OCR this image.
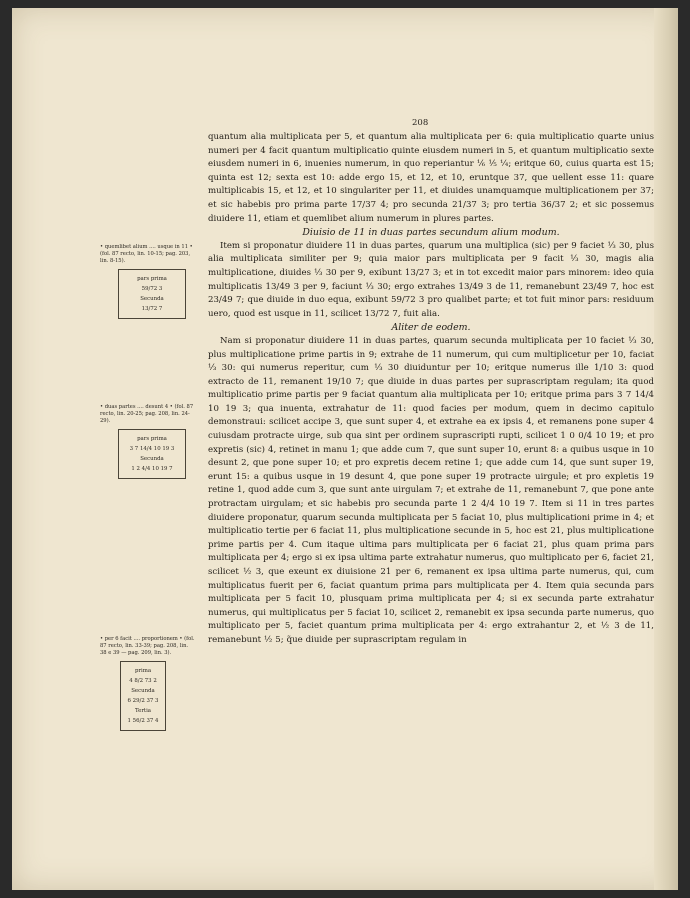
208

quantum alia multiplicata per 5, et quantum alia multiplicata per 6: quia multiplicatio quarte unius numeri per 4 facit quantum multiplicatio quinte eiusdem numeri in 5, et quantum multiplicatio sexte eiusdem numeri in 6, inuenies numerum, in quo reperiantur ⅙ ⅕ ¼; eritque 60, cuius quarta est 15; quinta est 12; sexta est 10: adde ergo 15, et 12, et 10, eruntque 37, que uellent esse 11: quare multiplicabis 15, et 12, et 10 singulariter per 11, et diuides unamquamque multiplicationem per 37; et sic habebis pro prima parte 17/37 4; pro secunda 21/37 3; pro tertia 36/37 2; et sic possemus diuidere 11, etiam et quemlibet alium numerum in plures partes.

Diuisio de 11 in duas partes secundum alium modum.

Item si proponatur diuidere 11 in duas partes, quarum una multiplica (sic) per 9 faciet ⅓ 30, plus alia multiplicata similiter per 9; quia maior pars multiplicata per 9 facit ⅓ 30, magis alia multiplicatione, diuides ⅓ 30 per 9, exibunt 13/27 3; et in tot excedit maior pars minorem: ideo quia multiplicatis 13/49 3 per 9, faciunt ⅓ 30; ergo extrahes 13/49 3 de 11, remanebunt 23/49 7, hoc est 23/49 7; que diuide in duo equa, exibunt 59/72 3 pro qualibet parte; et tot fuit minor pars: residuum uero, quod est usque in 11, scilicet 13/72 7, fuit alia.

Aliter de eodem.

Nam si proponatur diuidere 11 in duas partes, quarum secunda multiplicata per 10 faciet ⅓ 30, plus multiplicatione prime partis in 9; extrahe de 11 numerum, qui cum multiplicetur per 10, faciat ⅓ 30: qui numerus reperitur, cum ⅓ 30 diuiduntur per 10; eritque numerus ille 1/10 3: quod extracto de 11, remanent 19/10 7; que diuide in duas partes per suprascriptam regulam; ita quod multiplicatio prime partis per 9 faciat quantum alia multiplicata per 10; eritque prima pars 3 7 14/4 10 19 3; qua inuenta, extrahatur de 11: quod facies per modum, quem in decimo capitulo demonstraui: scilicet accipe 3, que sunt super 4, et extrahe ea ex ipsis 4, et remanens pone super 4 cuiusdam protracte uirge, sub qua sint per ordinem suprascripti rupti, scilicet 1 0 0/4 10 19; et pro expretis (sic) 4, retinet in manu 1; que adde cum 7, que sunt super 10, erunt 8: a quibus usque in 10 desunt 2, que pone super 10; et pro expretis decem retine 1; que adde cum 14, que sunt super 19, erunt 15: a quibus usque in 19 desunt 4, que pone super 19 protracte uirgule; et pro expletis 19 retine 1, quod adde cum 3, que sunt ante uirgulam 7; et extrahe de 11, remanebunt 7, que pone ante protractam uirgulam; et sic habebis pro secunda parte 1 2 4/4 10 19 7. Item si 11 in tres partes diuidere proponatur, quarum secunda multiplicata per 5 faciat 10, plus multiplicationi prime in 4; et multiplicatio tertie per 6 faciat 11, plus multiplicatione secunde in 5, hoc est 21, plus multiplicatione prime partis per 4. Cum itaque ultima pars multiplicata per 6 faciat 21, plus quam prima pars multiplicata per 4; ergo si ex ipsa ultima parte extrahatur numerus, quo multiplicato per 6, faciet 21, scilicet ½ 3, que exeunt ex diuisione 21 per 6, remanent ex ipsa ultima parte numerus, qui, cum multiplicatus fuerit per 6, faciat quantum prima pars multiplicata per 4. Item quia secunda pars multiplicata per 5 facit 10, plusquam prima multiplicata per 4; si ex secunda parte extrahatur numerus, qui multiplicatus per 5 faciat 10, scilicet 2, remanebit ex ipsa secunda parte numerus, quo multiplicato per 5, faciet quantum prima multiplicata per 4: ergo extrahantur 2, et ½ 3 de 11, remanebunt ½ 5; q̃ue diuide per suprascriptam regulam in

• quemlibet alium .... usque in 11 • (fol. 87 recto, lin. 10-15; pag. 203, lin. 8-15).

pars prima
59/72 3
Secunda
13/72 7

• duas partes .... desunt 4 • (fol. 87 recto, lin. 20-25; pag. 208, lin. 24-29).

pars prima
3 7 14/4 10 19 3
Secunda
1 2 4/4 10 19 7

• per 6 facit .... proportionem • (fol. 87 recto, lin. 33-39; pag. 208, lin. 38 e 39 — pag. 209, lin. 3).

prima
4 8/2 73 2
Secunda
6 29/2 37 3
Tertia
1 56/2 37 4
